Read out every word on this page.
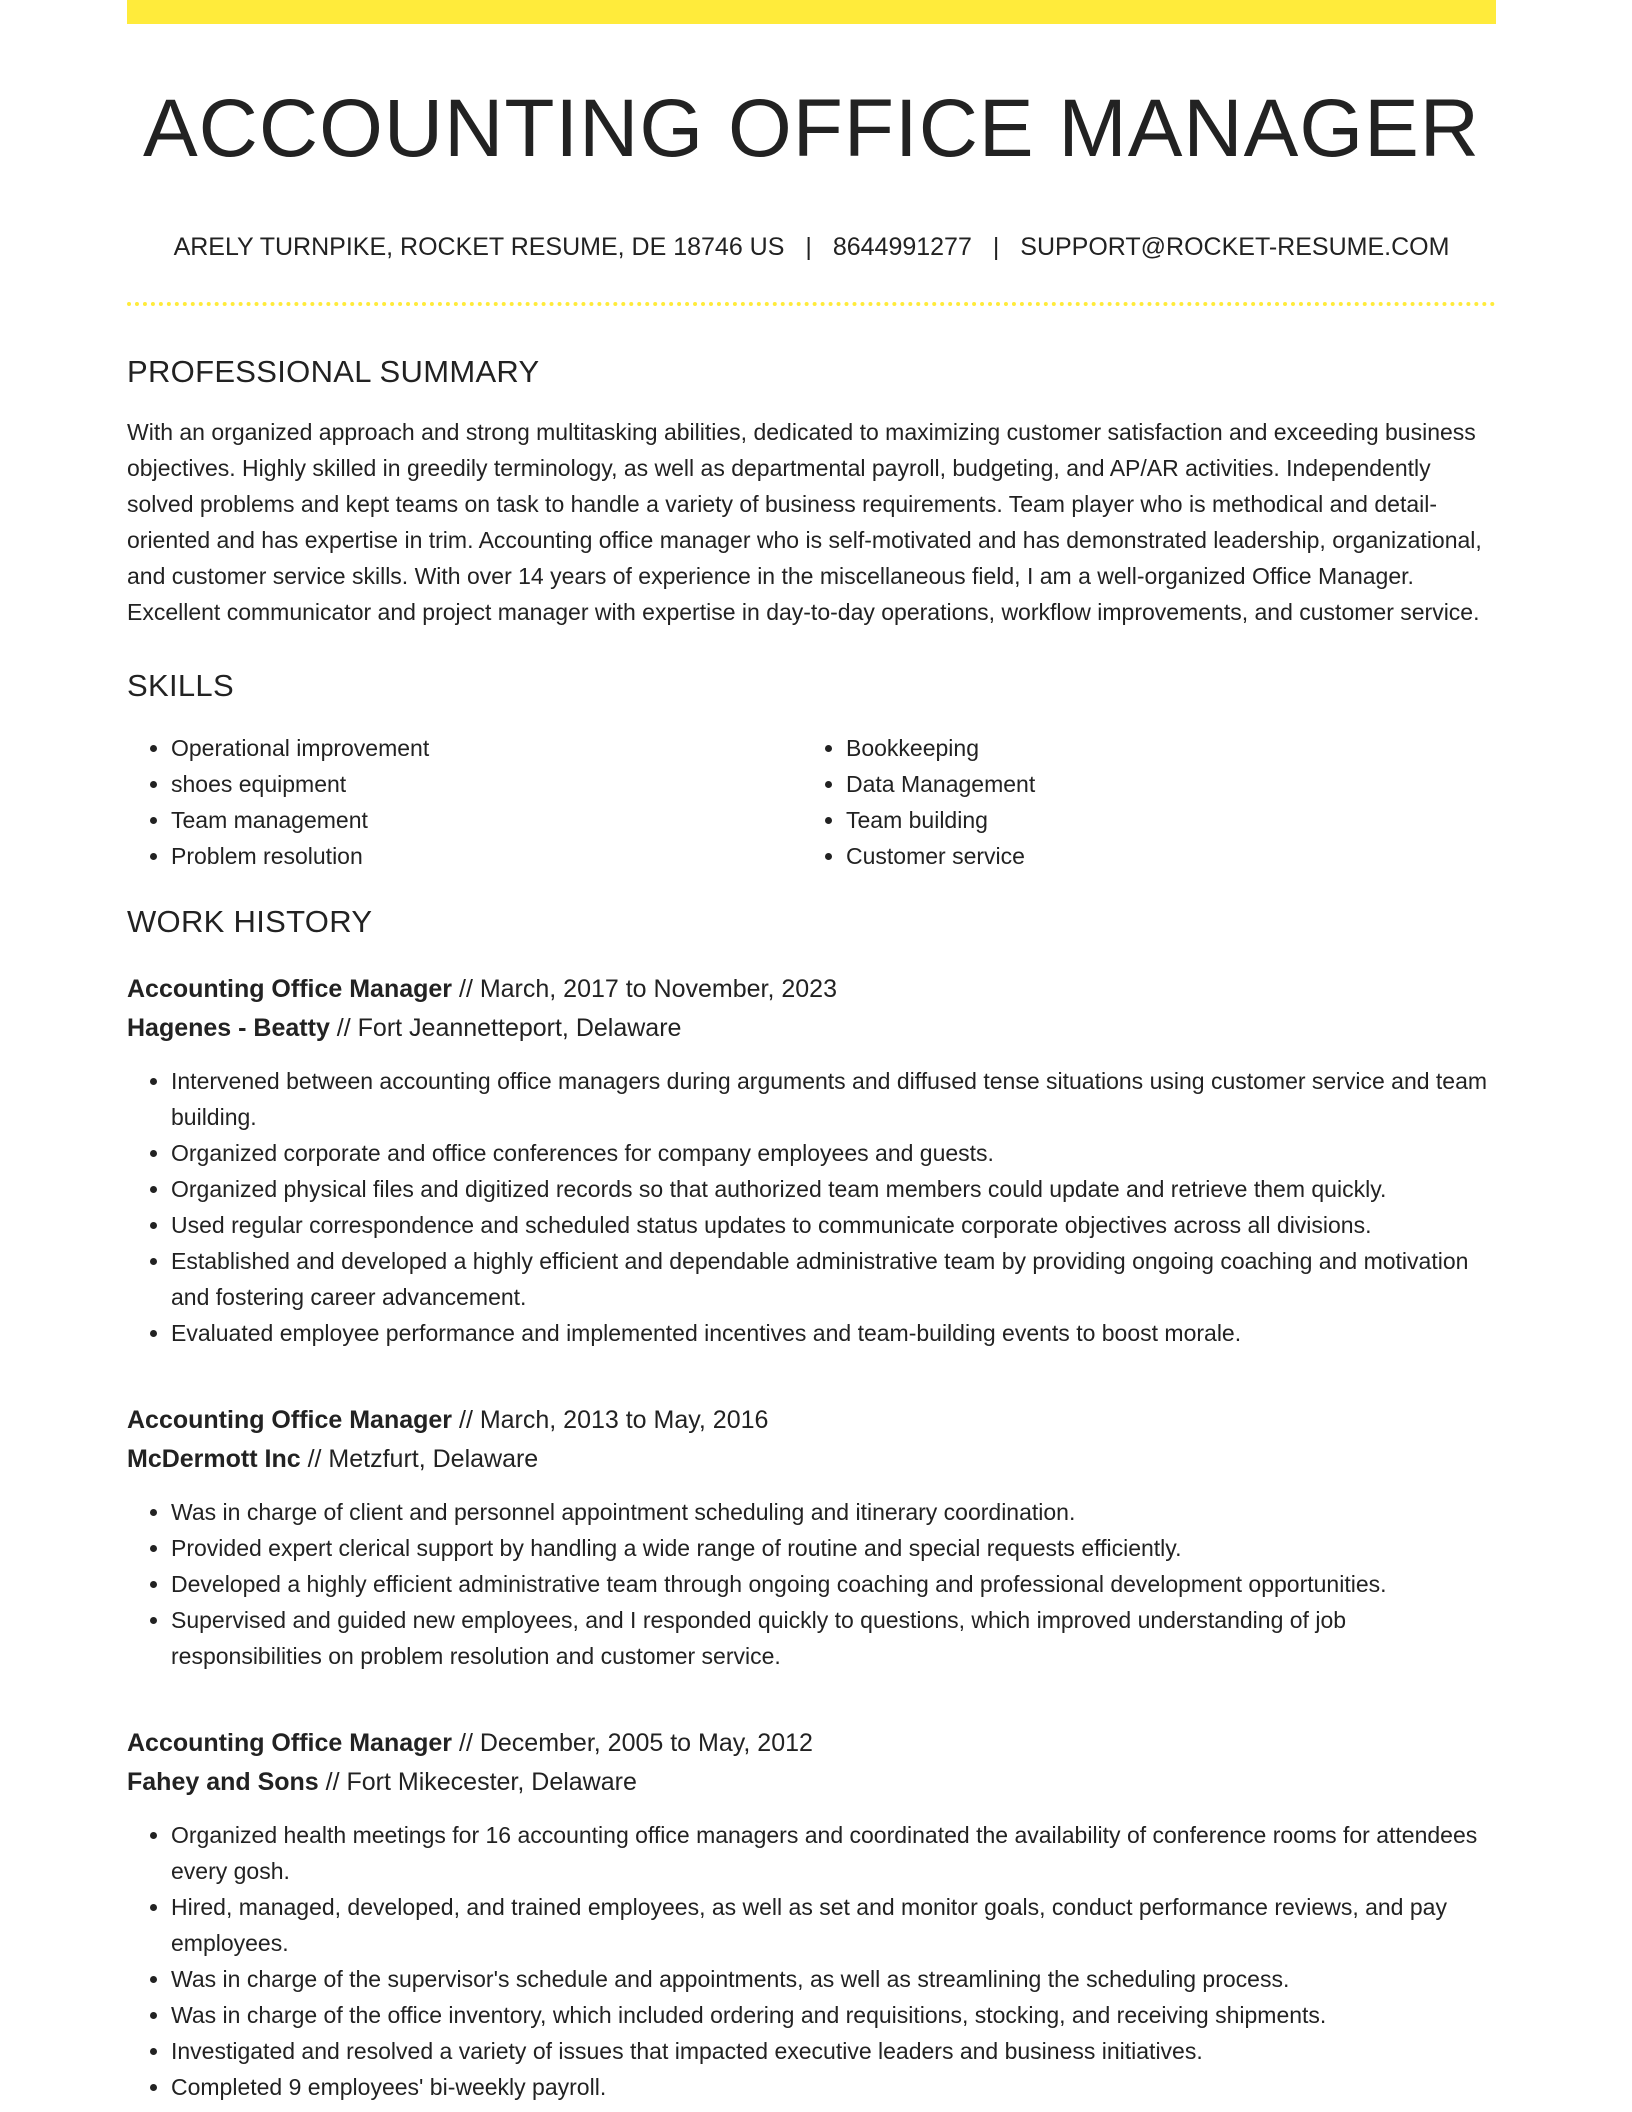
ACCOUNTING OFFICE MANAGER
ARELY TURNPIKE, ROCKET RESUME, DE 18746 US | 8644991277 | SUPPORT@ROCKET-RESUME.COM
PROFESSIONAL SUMMARY

With an organized approach and strong multitasking abilities, dedicated to maximizing customer satisfaction and exceeding business objectives. Highly skilled in greedily terminology, as well as departmental payroll, budgeting, and AP/AR activities. Independently solved problems and kept teams on task to handle a variety of business requirements. Team player who is methodical and detail-oriented and has expertise in trim. Accounting office manager who is self-motivated and has demonstrated leadership, organizational, and customer service skills. With over 14 years of experience in the miscellaneous field, I am a well-organized Office Manager. Excellent communicator and project manager with expertise in day-to-day operations, workflow improvements, and customer service.

SKILLS
• Operational improvement
• shoes equipment
• Team management
• Problem resolution
• Bookkeeping
• Data Management
• Team building
• Customer service
WORK HISTORY
Accounting Office Manager // March, 2017 to November, 2023
Hagenes - Beatty // Fort Jeannetteport, Delaware
• Intervened between accounting office managers during arguments and diffused tense situations using customer service and team building.
• Organized corporate and office conferences for company employees and guests.
• Organized physical files and digitized records so that authorized team members could update and retrieve them quickly.
• Used regular correspondence and scheduled status updates to communicate corporate objectives across all divisions.
• Established and developed a highly efficient and dependable administrative team by providing ongoing coaching and motivation and fostering career advancement.
• Evaluated employee performance and implemented incentives and team-building events to boost morale.
Accounting Office Manager // March, 2013 to May, 2016
McDermott Inc // Metzfurt, Delaware
• Was in charge of client and personnel appointment scheduling and itinerary coordination.
• Provided expert clerical support by handling a wide range of routine and special requests efficiently.
• Developed a highly efficient administrative team through ongoing coaching and professional development opportunities.
• Supervised and guided new employees, and I responded quickly to questions, which improved understanding of job responsibilities on problem resolution and customer service.
Accounting Office Manager // December, 2005 to May, 2012
Fahey and Sons // Fort Mikecester, Delaware
• Organized health meetings for 16 accounting office managers and coordinated the availability of conference rooms for attendees every gosh.
• Hired, managed, developed, and trained employees, as well as set and monitor goals, conduct performance reviews, and pay employees.
• Was in charge of the supervisor's schedule and appointments, as well as streamlining the scheduling process.
• Was in charge of the office inventory, which included ordering and requisitions, stocking, and receiving shipments.
• Investigated and resolved a variety of issues that impacted executive leaders and business initiatives.
• Completed 9 employees' bi-weekly payroll.
